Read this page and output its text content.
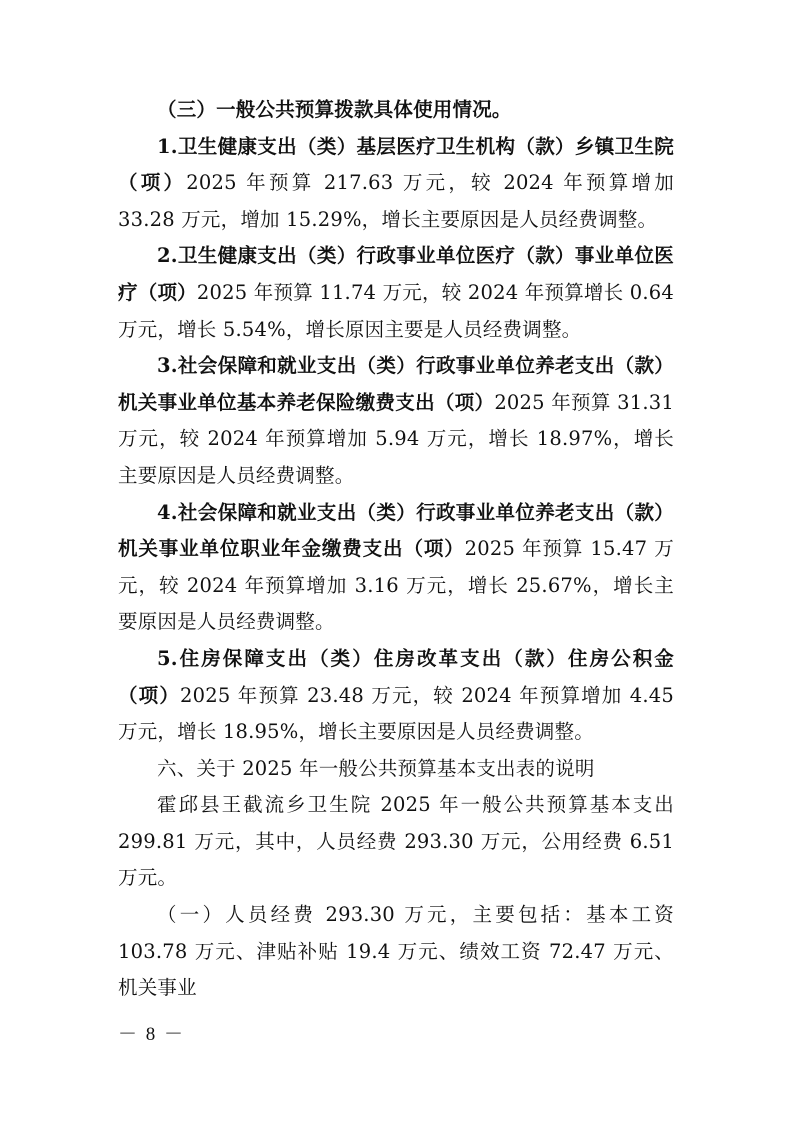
（三）一般公共预算拨款具体使用情况。

1.卫生健康支出（类）基层医疗卫生机构（款）乡镇卫生院（项）2025 年预算 217.63 万元，较 2024 年预算增加 33.28 万元，增加 15.29%，增长主要原因是人员经费调整。

2.卫生健康支出（类）行政事业单位医疗（款）事业单位医疗（项）2025 年预算 11.74 万元，较 2024 年预算增长 0.64 万元，增长 5.54%，增长原因主要是人员经费调整。

3.社会保障和就业支出（类）行政事业单位养老支出（款）机关事业单位基本养老保险缴费支出（项）2025 年预算 31.31 万元，较 2024 年预算增加 5.94 万元，增长 18.97%，增长主要原因是人员经费调整。

4.社会保障和就业支出（类）行政事业单位养老支出（款）机关事业单位职业年金缴费支出（项）2025 年预算 15.47 万元，较 2024 年预算增加 3.16 万元，增长 25.67%，增长主要原因是人员经费调整。

5.住房保障支出（类）住房改革支出（款）住房公积金（项）2025 年预算 23.48 万元，较 2024 年预算增加 4.45 万元，增长 18.95%，增长主要原因是人员经费调整。

六、关于 2025 年一般公共预算基本支出表的说明

霍邱县王截流乡卫生院 2025 年一般公共预算基本支出 299.81 万元，其中，人员经费 293.30 万元，公用经费 6.51 万元。

（一）人员经费 293.30 万元，主要包括：基本工资 103.78 万元、津贴补贴 19.4 万元、绩效工资 72.47 万元、机关事业

－ 8 －
